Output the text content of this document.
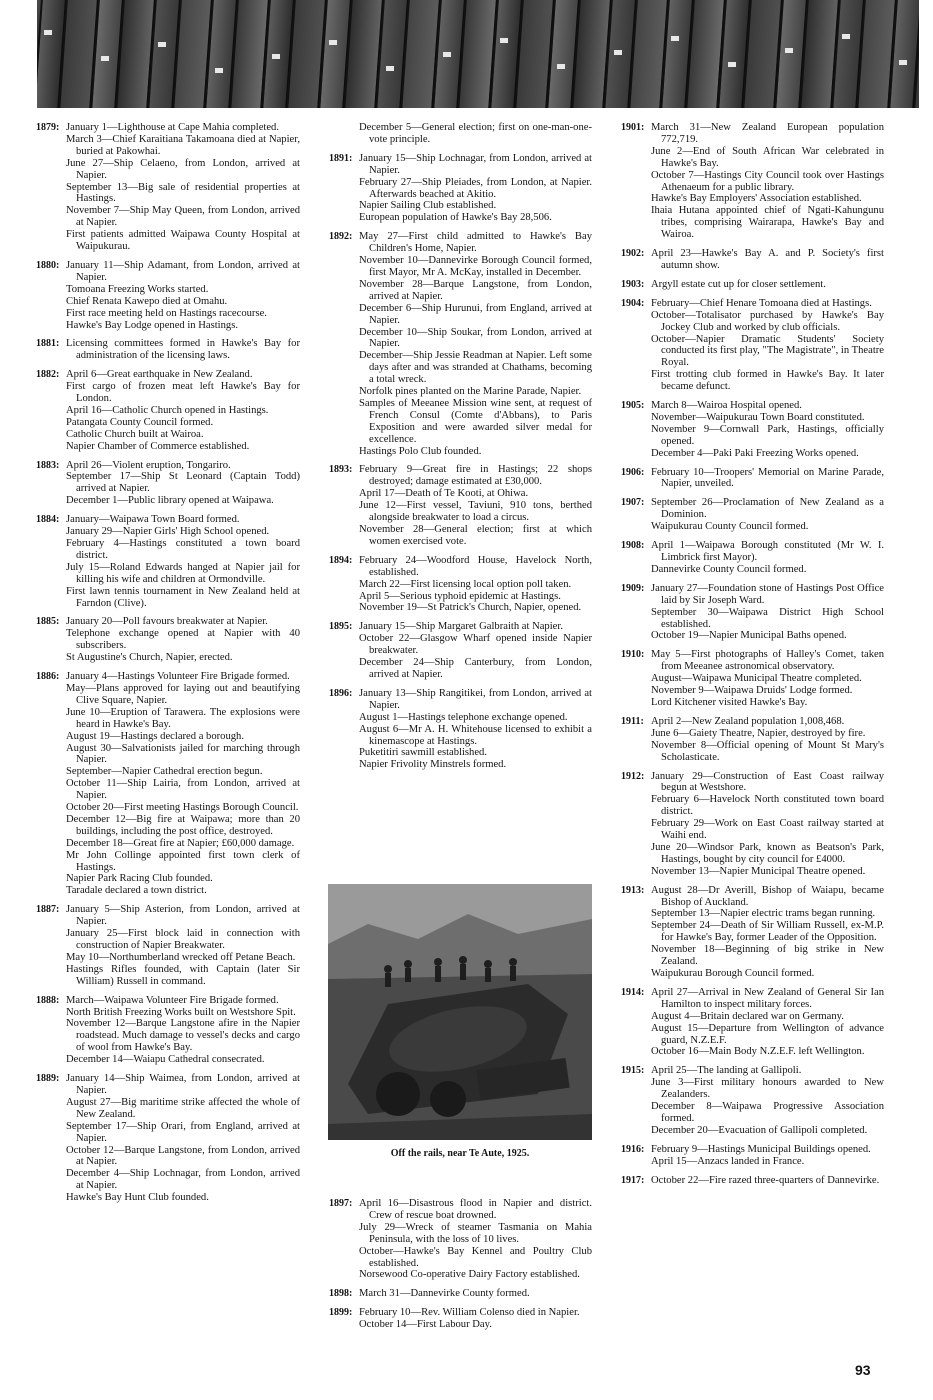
1879: January 1—Lighthouse at Cape Mahia completed.
March 3—Chief Karaitiana Takamoana died at Napier, buried at Pakowhai.
June 27—Ship Celaeno, from London, arrived at Napier.
September 13—Big sale of residential properties at Hastings.
November 7—Ship May Queen, from London, arrived at Napier.
First patients admitted Waipawa County Hospital at Waipukurau.
1880: January 11—Ship Adamant, from London, arrived at Napier.
Tomoana Freezing Works started.
Chief Renata Kawepo died at Omahu.
First race meeting held on Hastings racecourse.
Hawke's Bay Lodge opened in Hastings.
1881: Licensing committees formed in Hawke's Bay for administration of the licensing laws.
1882: April 6—Great earthquake in New Zealand.
First cargo of frozen meat left Hawke's Bay for London.
April 16—Catholic Church opened in Hastings.
Patangata County Council formed.
Catholic Church built at Wairoa.
Napier Chamber of Commerce established.
1883: April 26—Violent eruption, Tongariro.
September 17—Ship St Leonard (Captain Todd) arrived at Napier.
December 1—Public library opened at Waipawa.
1884: January—Waipawa Town Board formed.
January 29—Napier Girls' High School opened.
February 4—Hastings constituted a town board district.
July 15—Roland Edwards hanged at Napier jail for killing his wife and children at Ormondville.
First lawn tennis tournament in New Zealand held at Farndon (Clive).
1885: January 20—Poll favours breakwater at Napier.
Telephone exchange opened at Napier with 40 subscribers.
St Augustine's Church, Napier, erected.
1886: January 4—Hastings Volunteer Fire Brigade formed.
May—Plans approved for laying out and beautifying Clive Square, Napier.
June 10—Eruption of Tarawera. The explosions were heard in Hawke's Bay.
August 19—Hastings declared a borough.
August 30—Salvationists jailed for marching through Napier.
September—Napier Cathedral erection begun.
October 11—Ship Lairia, from London, arrived at Napier.
October 20—First meeting Hastings Borough Council.
December 12—Big fire at Waipawa; more than 20 buildings, including the post office, destroyed.
December 18—Great fire at Napier; £60,000 damage.
Mr John Collinge appointed first town clerk of Hastings.
Napier Park Racing Club founded.
Taradale declared a town district.
1887: January 5—Ship Asterion, from London, arrived at Napier.
January 25—First block laid in connection with construction of Napier Breakwater.
May 10—Northumberland wrecked off Petane Beach.
Hastings Rifles founded, with Captain (later Sir William) Russell in command.
1888: March—Waipawa Volunteer Fire Brigade formed.
North British Freezing Works built on Westshore Spit.
November 12—Barque Langstone afire in the Napier roadstead. Much damage to vessel's decks and cargo of wool from Hawke's Bay.
December 14—Waiapu Cathedral consecrated.
1889: January 14—Ship Waimea, from London, arrived at Napier.
August 27—Big maritime strike affected the whole of New Zealand.
September 17—Ship Orari, from England, arrived at Napier.
October 12—Barque Langstone, from London, arrived at Napier.
December 4—Ship Lochnagar, from London, arrived at Napier.
Hawke's Bay Hunt Club founded.
December 5—General election; first on one-man-one-vote principle.
1891: January 15—Ship Lochnagar, from London, arrived at Napier.
February 27—Ship Pleiades, from London, at Napier. Afterwards beached at Akitio.
Napier Sailing Club established.
European population of Hawke's Bay 28,506.
1892: May 27—First child admitted to Hawke's Bay Children's Home, Napier.
November 10—Dannevirke Borough Council formed, first Mayor, Mr A. McKay, installed in December.
November 28—Barque Langstone, from London, arrived at Napier.
December 6—Ship Hurunui, from England, arrived at Napier.
December 10—Ship Soukar, from London, arrived at Napier.
December—Ship Jessie Readman at Napier. Left some days after and was stranded at Chathams, becoming a total wreck.
Norfolk pines planted on the Marine Parade, Napier.
Samples of Meeanee Mission wine sent, at request of French Consul (Comte d'Abbans), to Paris Exposition and were awarded silver medal for excellence.
Hastings Polo Club founded.
1893: February 9—Great fire in Hastings; 22 shops destroyed; damage estimated at £30,000.
April 17—Death of Te Kooti, at Ohiwa.
June 12—First vessel, Taviuni, 910 tons, berthed alongside breakwater to load a circus.
November 28—General election; first at which women exercised vote.
1894: February 24—Woodford House, Havelock North, established.
March 22—First licensing local option poll taken.
April 5—Serious typhoid epidemic at Hastings.
November 19—St Patrick's Church, Napier, opened.
1895: January 15—Ship Margaret Galbraith at Napier.
October 22—Glasgow Wharf opened inside Napier breakwater.
December 24—Ship Canterbury, from London, arrived at Napier.
1896: January 13—Ship Rangitikei, from London, arrived at Napier.
August 1—Hastings telephone exchange opened.
August 6—Mr A. H. Whitehouse licensed to exhibit a kinemascope at Hastings.
Puketitiri sawmill established.
Napier Frivolity Minstrels formed.
Off the rails, near Te Aute, 1925.
1897: April 16—Disastrous flood in Napier and district. Crew of rescue boat drowned.
July 29—Wreck of steamer Tasmania on Mahia Peninsula, with the loss of 10 lives.
October—Hawke's Bay Kennel and Poultry Club established.
Norsewood Co-operative Dairy Factory established.
1898: March 31—Dannevirke County formed.
1899: February 10—Rev. William Colenso died in Napier.
October 14—First Labour Day.
1901: March 31—New Zealand European population 772,719.
June 2—End of South African War celebrated in Hawke's Bay.
October 7—Hastings City Council took over Hastings Athenaeum for a public library.
Hawke's Bay Employers' Association established.
Ihaia Hutana appointed chief of Ngati-Kahungunu tribes, comprising Wairarapa, Hawke's Bay and Wairoa.
1902: April 23—Hawke's Bay A. and P. Society's first autumn show.
1903: Argyll estate cut up for closer settlement.
1904: February—Chief Henare Tomoana died at Hastings.
October—Totalisator purchased by Hawke's Bay Jockey Club and worked by club officials.
October—Napier Dramatic Students' Society conducted its first play, "The Magistrate", in Theatre Royal.
First trotting club formed in Hawke's Bay. It later became defunct.
1905: March 8—Wairoa Hospital opened.
November—Waipukurau Town Board constituted.
November 9—Cornwall Park, Hastings, officially opened.
December 4—Paki Paki Freezing Works opened.
1906: February 10—Troopers' Memorial on Marine Parade, Napier, unveiled.
1907: September 26—Proclamation of New Zealand as a Dominion.
Waipukurau County Council formed.
1908: April 1—Waipawa Borough constituted (Mr W. I. Limbrick first Mayor).
Dannevirke County Council formed.
1909: January 27—Foundation stone of Hastings Post Office laid by Sir Joseph Ward.
September 30—Waipawa District High School established.
October 19—Napier Municipal Baths opened.
1910: May 5—First photographs of Halley's Comet, taken from Meeanee astronomical observatory.
August—Waipawa Municipal Theatre completed.
November 9—Waipawa Druids' Lodge formed.
Lord Kitchener visited Hawke's Bay.
1911: April 2—New Zealand population 1,008,468.
June 6—Gaiety Theatre, Napier, destroyed by fire.
November 8—Official opening of Mount St Mary's Scholasticate.
1912: January 29—Construction of East Coast railway begun at Westshore.
February 6—Havelock North constituted town board district.
February 29—Work on East Coast railway started at Waihi end.
June 20—Windsor Park, known as Beatson's Park, Hastings, bought by city council for £4000.
November 13—Napier Municipal Theatre opened.
1913: August 28—Dr Averill, Bishop of Waiapu, became Bishop of Auckland.
September 13—Napier electric trams began running.
September 24—Death of Sir William Russell, ex-M.P. for Hawke's Bay, former Leader of the Opposition.
November 18—Beginning of big strike in New Zealand.
Waipukurau Borough Council formed.
1914: April 27—Arrival in New Zealand of General Sir Ian Hamilton to inspect military forces.
August 4—Britain declared war on Germany.
August 15—Departure from Wellington of advance guard, N.Z.E.F.
October 16—Main Body N.Z.E.F. left Wellington.
1915: April 25—The landing at Gallipoli.
June 3—First military honours awarded to New Zealanders.
December 8—Waipawa Progressive Association formed.
December 20—Evacuation of Gallipoli completed.
1916: February 9—Hastings Municipal Buildings opened.
April 15—Anzacs landed in France.
1917: October 22—Fire razed three-quarters of Dannevirke.
93
